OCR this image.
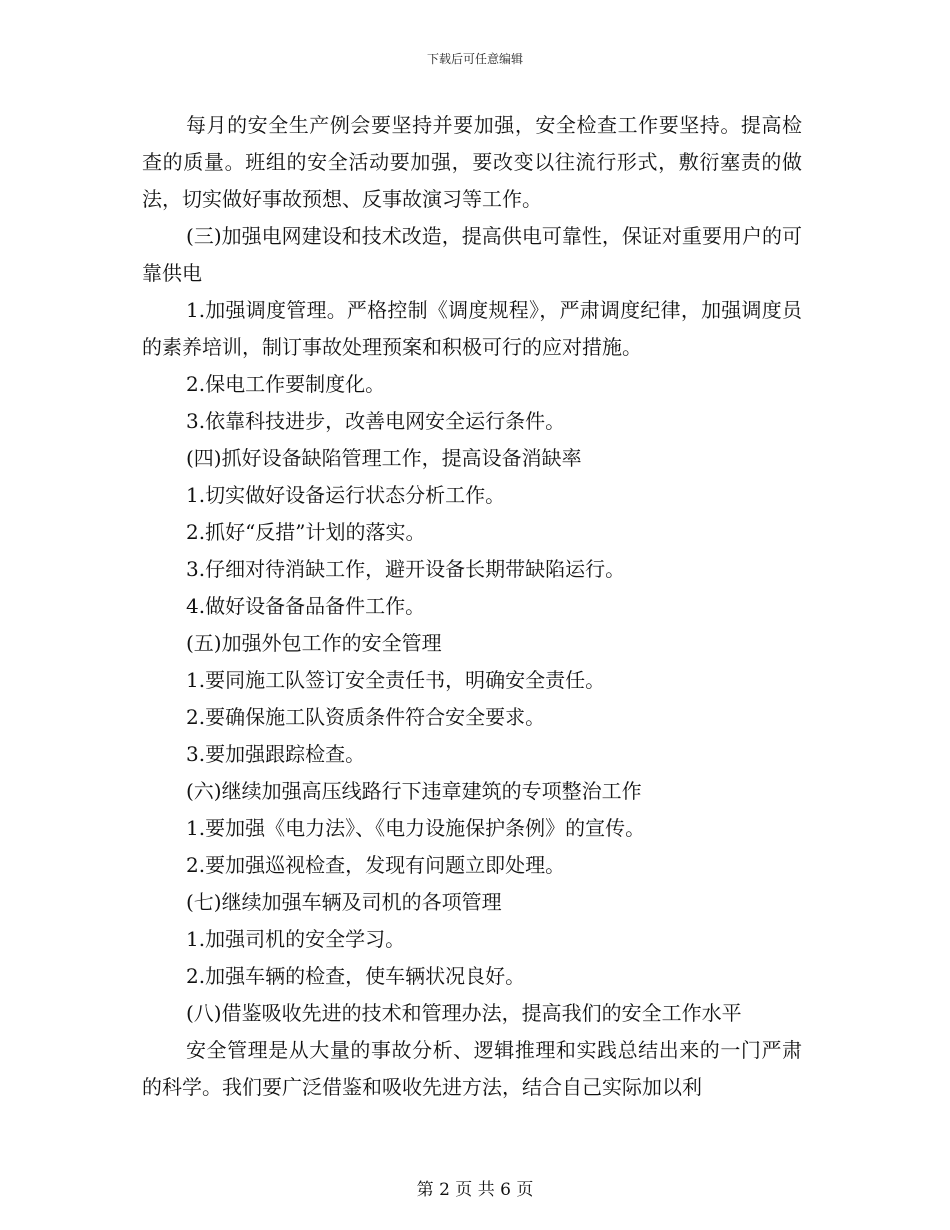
下载后可任意编辑

每月的安全生产例会要坚持并要加强，安全检查工作要坚持。提高检查的质量。班组的安全活动要加强，要改变以往流行形式，敷衍塞责的做法，切实做好事故预想、反事故演习等工作。

(三)加强电网建设和技术改造，提高供电可靠性，保证对重要用户的可靠供电

1.加强调度管理。严格控制《调度规程》，严肃调度纪律，加强调度员的素养培训，制订事故处理预案和积极可行的应对措施。

2.保电工作要制度化。

3.依靠科技进步，改善电网安全运行条件。

(四)抓好设备缺陷管理工作，提高设备消缺率

1.切实做好设备运行状态分析工作。

2.抓好“反措”计划的落实。

3.仔细对待消缺工作，避开设备长期带缺陷运行。

4.做好设备备品备件工作。

(五)加强外包工作的安全管理

1.要同施工队签订安全责任书，明确安全责任。

2.要确保施工队资质条件符合安全要求。

3.要加强跟踪检查。

(六)继续加强高压线路行下违章建筑的专项整治工作

1.要加强《电力法》、《电力设施保护条例》的宣传。

2.要加强巡视检查，发现有问题立即处理。

(七)继续加强车辆及司机的各项管理

1.加强司机的安全学习。

2.加强车辆的检查，使车辆状况良好。

(八)借鉴吸收先进的技术和管理办法，提高我们的安全工作水平

安全管理是从大量的事故分析、逻辑推理和实践总结出来的一门严肃的科学。我们要广泛借鉴和吸收先进方法，结合自己实际加以利

第 2 页 共 6 页
